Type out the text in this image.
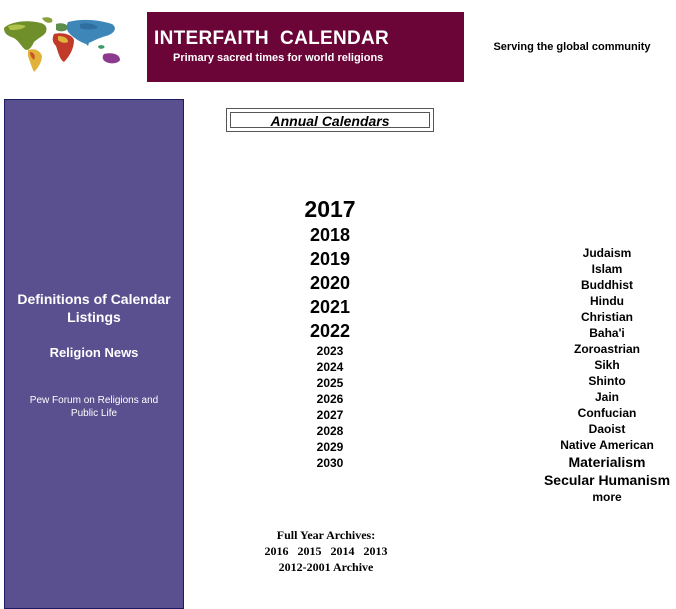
INTERFAITH  CALENDAR
Primary sacred times for world religions
Serving the global community
Definitions of Calendar Listings
Religion News
Pew Forum on Religions and Public Life
Annual Calendars
2017
2018
2019
2020
2021
2022
2023
2024
2025
2026
2027
2028
2029
2030
Judaism
Islam
Buddhist
Hindu
Christian
Baha'i
Zoroastrian
Sikh
Shinto
Jain
Confucian
Daoist
Native American
Materialism
Secular Humanism
more
Full Year Archives:
2016 2015 2014 2013
2012-2001 Archive
